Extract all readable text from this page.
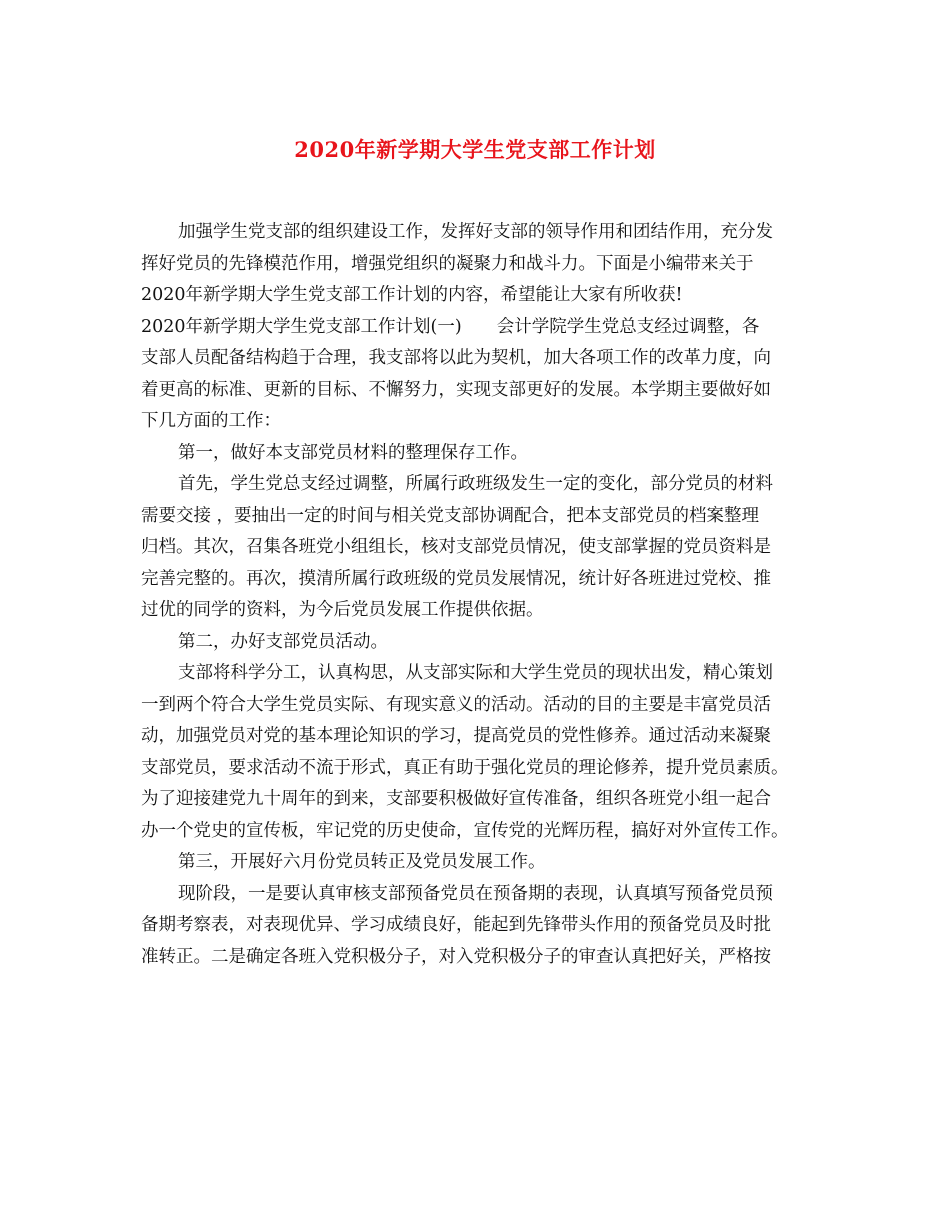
2020年新学期大学生党支部工作计划
加强学生党支部的组织建设工作，发挥好支部的领导作用和团结作用，充分发
挥好党员的先锋模范作用，增强党组织的凝聚力和战斗力。下面是小编带来关于
2020年新学期大学生党支部工作计划的内容，希望能让大家有所收获!
2020年新学期大学生党支部工作计划(一)　　会计学院学生党总支经过调整，各
支部人员配备结构趋于合理，我支部将以此为契机，加大各项工作的改革力度，向
着更高的标准、更新的目标、不懈努力，实现支部更好的发展。本学期主要做好如
下几方面的工作：
第一，做好本支部党员材料的整理保存工作。
首先，学生党总支经过调整，所属行政班级发生一定的变化，部分党员的材料
需要交接 ，要抽出一定的时间与相关党支部协调配合，把本支部党员的档案整理
归档。其次，召集各班党小组组长，核对支部党员情况，使支部掌握的党员资料是
完善完整的。再次，摸清所属行政班级的党员发展情况，统计好各班进过党校、推
过优的同学的资料，为今后党员发展工作提供依据。
第二，办好支部党员活动。
支部将科学分工，认真构思，从支部实际和大学生党员的现状出发，精心策划
一到两个符合大学生党员实际、有现实意义的活动。活动的目的主要是丰富党员活
动，加强党员对党的基本理论知识的学习，提高党员的党性修养。通过活动来凝聚
支部党员，要求活动不流于形式，真正有助于强化党员的理论修养，提升党员素质。
为了迎接建党九十周年的到来，支部要积极做好宣传准备，组织各班党小组一起合
办一个党史的宣传板，牢记党的历史使命，宣传党的光辉历程，搞好对外宣传工作。
第三，开展好六月份党员转正及党员发展工作。
现阶段，一是要认真审核支部预备党员在预备期的表现，认真填写预备党员预
备期考察表，对表现优异、学习成绩良好，能起到先锋带头作用的预备党员及时批
准转正。二是确定各班入党积极分子，对入党积极分子的审查认真把好关，严格按
